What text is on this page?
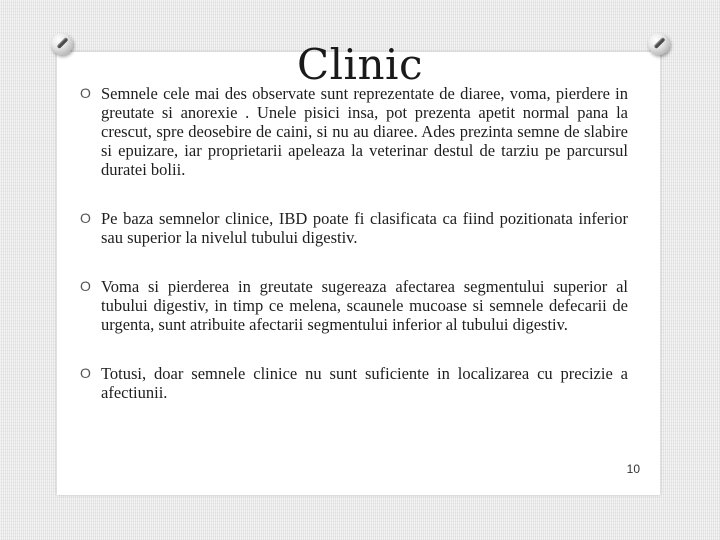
Clinic
O Semnele cele mai des observate sunt reprezentate de diaree, voma, pierdere in greutate si anorexie . Unele pisici insa, pot prezenta apetit normal pana la crescut, spre deosebire de caini, si nu au diaree. Ades prezinta semne de slabire si epuizare, iar proprietarii apeleaza la veterinar destul de tarziu pe parcursul duratei bolii.
O Pe baza semnelor clinice, IBD poate fi clasificata ca fiind pozitionata inferior sau superior la nivelul tubului digestiv.
O Voma si pierderea in greutate sugereaza afectarea segmentului superior al tubului digestiv, in timp ce melena, scaunele mucoase si semnele defecarii de urgenta, sunt atribuite afectarii segmentului inferior al tubului digestiv.
O Totusi, doar semnele clinice nu sunt suficiente in localizarea cu precizie a afectiunii.
10
